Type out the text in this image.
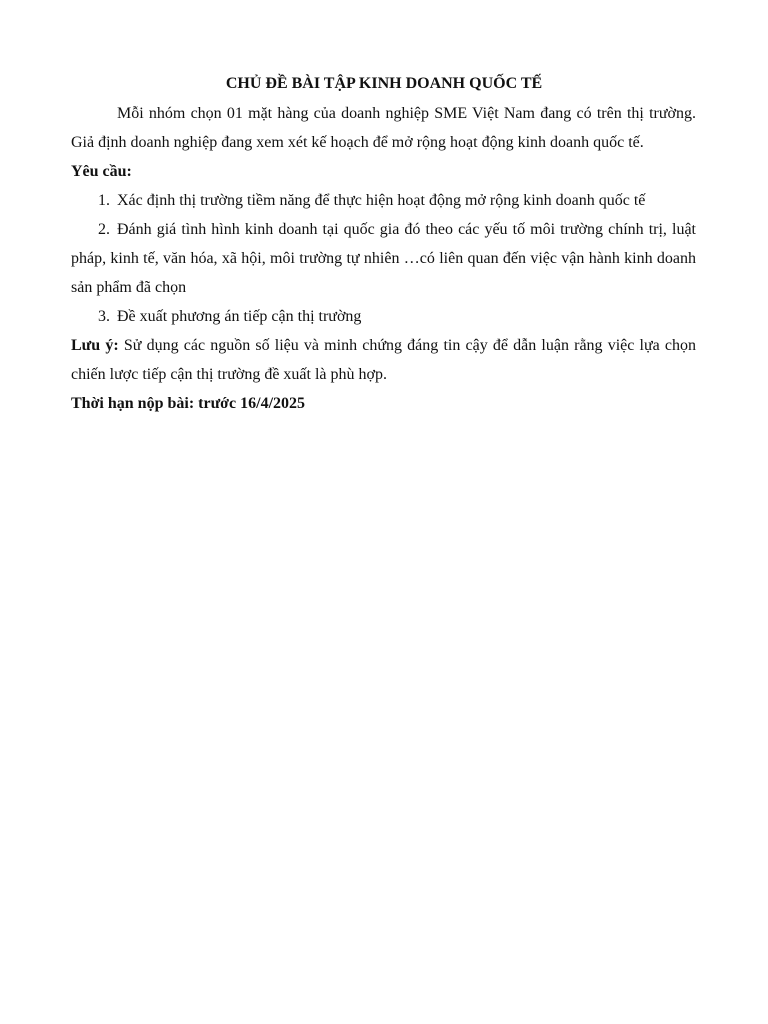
CHỦ ĐỀ BÀI TẬP KINH DOANH QUỐC TẾ

Mỗi nhóm chọn 01 mặt hàng của doanh nghiệp SME Việt Nam đang có trên thị trường. Giả định doanh nghiệp đang xem xét kế hoạch để mở rộng hoạt động kinh doanh quốc tế.

Yêu cầu:

1. Xác định thị trường tiềm năng để thực hiện hoạt động mở rộng kinh doanh quốc tế
2. Đánh giá tình hình kinh doanh tại quốc gia đó theo các yếu tố môi trường chính trị, luật pháp, kinh tế, văn hóa, xã hội, môi trường tự nhiên …có liên quan đến việc vận hành kinh doanh sản phẩm đã chọn
3. Đề xuất phương án tiếp cận thị trường

Lưu ý: Sử dụng các nguồn số liệu và minh chứng đáng tin cậy để dẫn luận rằng việc lựa chọn chiến lược tiếp cận thị trường đề xuất là phù hợp.

Thời hạn nộp bài: trước 16/4/2025
